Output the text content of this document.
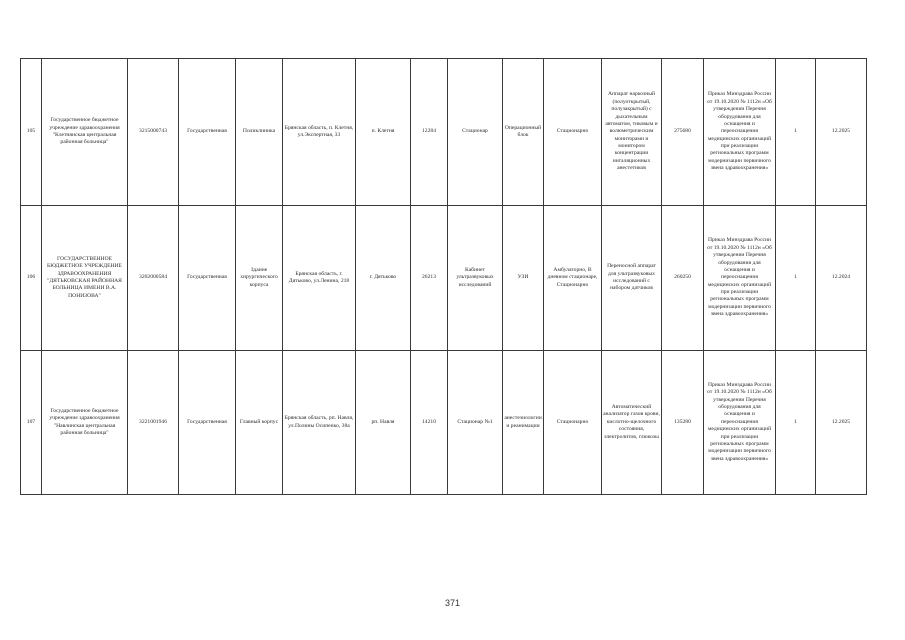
105	Государственное бюджетное учреждение здравоохранения "Клетнянская центральная районная больница"	3215000743	Государственная	Поликлиника	Брянская область, п. Клетня, ул.Экспертная, 33	п. Клетня	12284	Стационар	Операционный блок	Стационарно	Аппарат наркозный (полуоткрытый, полузакрытый) с дыхательным автоматом, тиковым и волюметрическим мониторами и монитором концентрации ингаляционных анестетиков	275680	Приказ Минздрава России от 19.10.2020 № 1112н «Об утверждении Перечня оборудования для оснащения и переоснащения медицинских организаций при реализации региональных программ модернизации первичного звена здравоохранения»	1	12.2025
106	ГОСУДАРСТВЕННОЕ БЮДЖЕТНОЕ УЧРЕЖДЕНИЕ ЗДРАВООХРАНЕНИЯ "ДЯТЬКОВСКАЯ РАЙОННАЯ БОЛЬНИЦА ИМЕНИ В.А. ПОНИЗОВА"	3202000584	Государственная	Здание хирургического корпуса	Брянская область, г. Дятьково, ул.Ленина, 218	г. Дятьково	26213	Кабинет ультразвуковых исследований	УЗИ	Амбулаторно, В дневном стационаре, Стационарно	Переносной аппарат для ультразвуковых исследований с набором датчиков	260250	Приказ Минздрава России от 19.10.2020 № 1112н «Об утверждении Перечня оборудования для оснащения и переоснащения медицинских организаций при реализации региональных программ модернизации первичного звена здравоохранения»	1	12.2024
107	Государственное бюджетное учреждение здравоохранения "Навлинская центральная районная больница"	3221001946	Государственная	Главный корпус	Брянская область, рп. Навля, ул.Полины Осипенко, 38а	рп. Навля	14210	Стационар №1	анестезиологии и реанимации	Стационарно	Автоматический анализатор газов крови, кислотно-щелочного состояния, электролитов, глюкозы	135280	Приказ Минздрава России от 19.10.2020 № 1112н «Об утверждении Перечня оборудования для оснащения и переоснащения медицинских организаций при реализации региональных программ модернизации первичного звена здравоохранения»	1	12.2025
371
